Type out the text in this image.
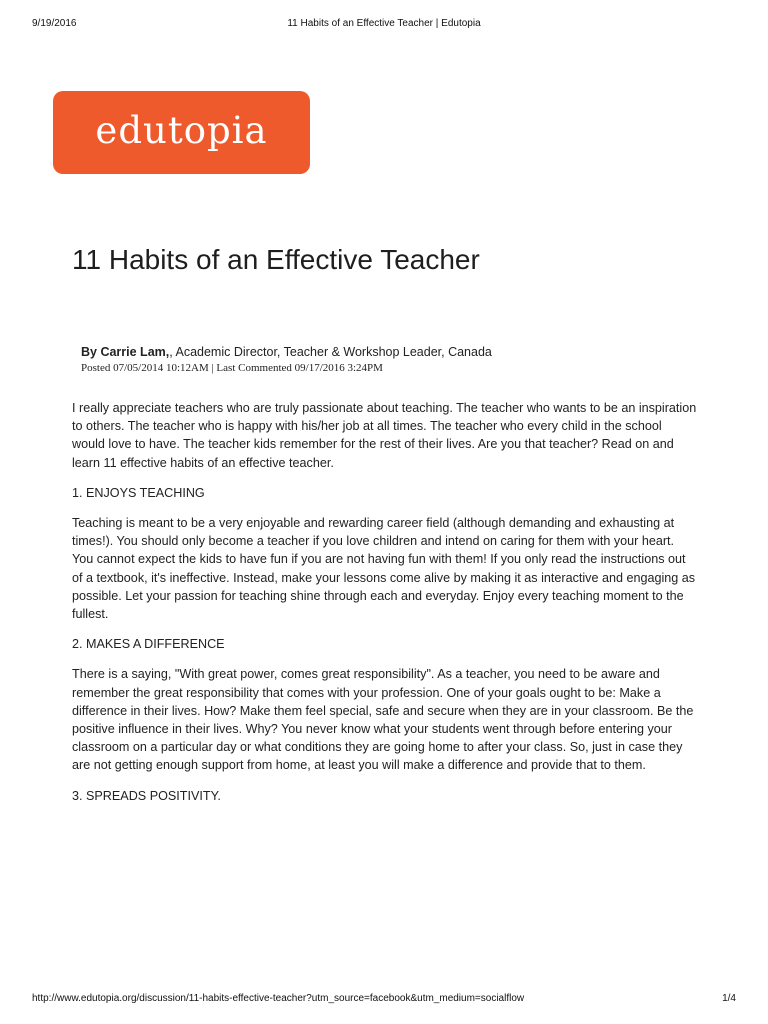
9/19/2016	11 Habits of an Effective Teacher | Edutopia
edutopia
11 Habits of an Effective Teacher
By Carrie Lam,, Academic Director, Teacher & Workshop Leader, Canada
Posted 07/05/2014 10:12AM | Last Commented 09/17/2016 3:24PM

I really appreciate teachers who are truly passionate about teaching. The teacher who wants to be an inspiration to others. The teacher who is happy with his/her job at all times. The teacher who every child in the school would love to have. The teacher kids remember for the rest of their lives. Are you that teacher? Read on and learn 11 effective habits of an effective teacher.

1. ENJOYS TEACHING

Teaching is meant to be a very enjoyable and rewarding career field (although demanding and exhausting at times!). You should only become a teacher if you love children and intend on caring for them with your heart. You cannot expect the kids to have fun if you are not having fun with them! If you only read the instructions out of a textbook, it's ineffective. Instead, make your lessons come alive by making it as interactive and engaging as possible. Let your passion for teaching shine through each and everyday. Enjoy every teaching moment to the fullest.

2. MAKES A DIFFERENCE

There is a saying, "With great power, comes great responsibility". As a teacher, you need to be aware and remember the great responsibility that comes with your profession. One of your goals ought to be: Make a difference in their lives. How? Make them feel special, safe and secure when they are in your classroom. Be the positive influence in their lives. Why? You never know what your students went through before entering your classroom on a particular day or what conditions they are going home to after your class. So, just in case they are not getting enough support from home, at least you will make a difference and provide that to them.

3. SPREADS POSITIVITY.
http://www.edutopia.org/discussion/11-habits-effective-teacher?utm_source=facebook&utm_medium=socialflow	1/4
